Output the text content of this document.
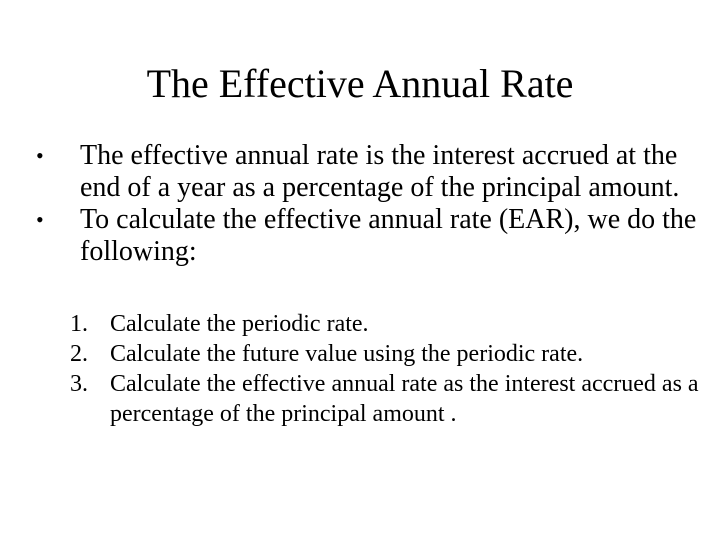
The Effective Annual Rate
• The effective annual rate is the interest accrued at the end of a year as a percentage of the principal amount.
• To calculate the effective annual rate (EAR), we do the following:
1. Calculate the periodic rate.
2. Calculate the future value using the periodic rate.
3. Calculate the effective annual rate as the interest accrued as a percentage of the principal amount .
